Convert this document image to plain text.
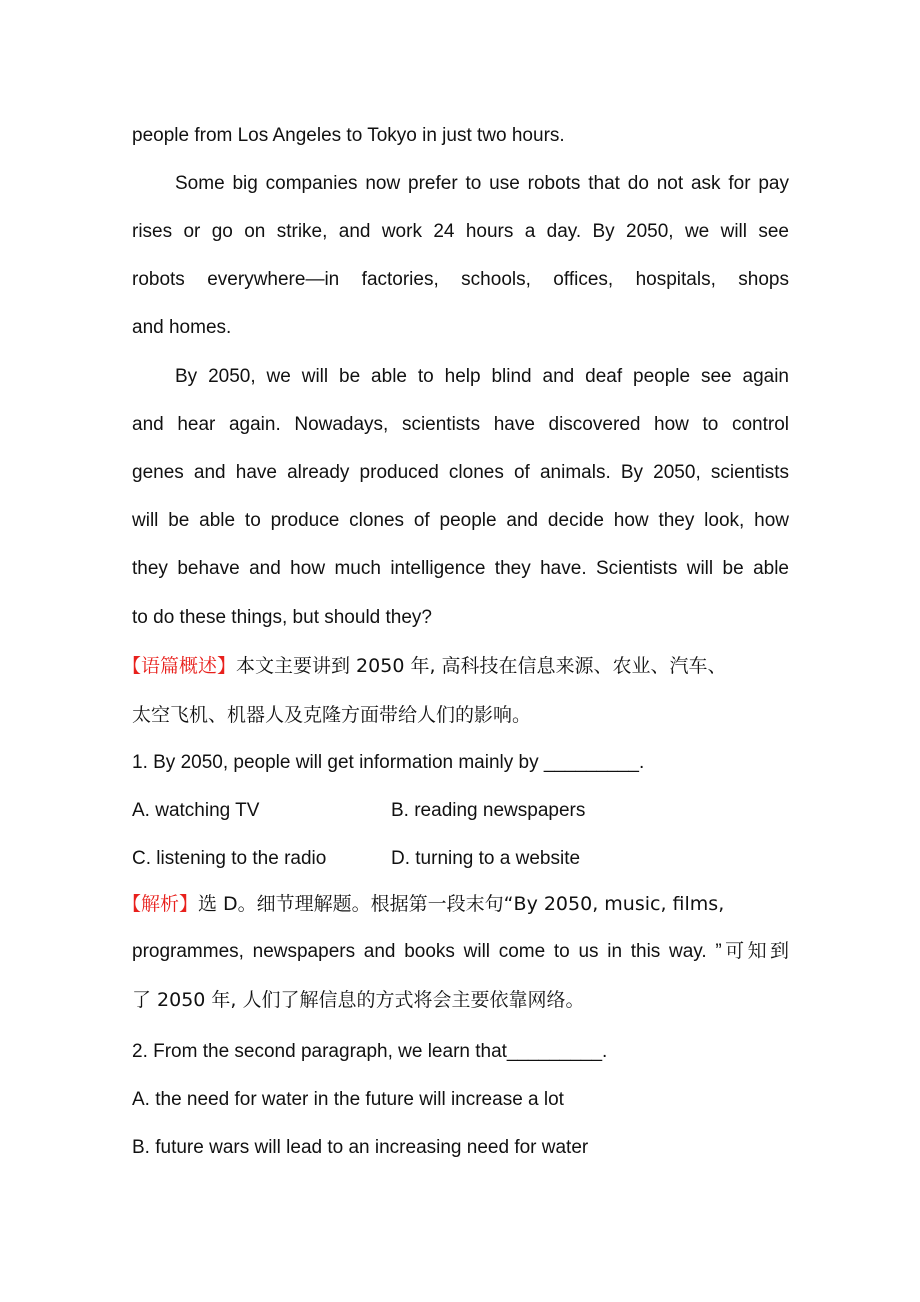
people from Los Angeles to Tokyo in just two hours.
Some big companies now prefer to use robots that do not ask for pay
rises or go on strike, and work 24 hours a day. By 2050, we will see
robots everywhere—in factories, schools, offices, hospitals, shops
and homes.
By 2050, we will be able to help blind and deaf people see again
and hear again. Nowadays, scientists have discovered how to control
genes and have already produced clones of animals. By 2050, scientists
will be able to produce clones of people and decide how they look, how
they behave and how much intelligence they have. Scientists will be able
to do these things, but should they?
【语篇概述】本文主要讲到 2050 年, 高科技在信息来源、农业、汽车、
太空飞机、机器人及克隆方面带给人们的影响。
1. By 2050, people will get information mainly by _________.
A. watching TV	B. reading newspapers
C. listening to the radio	D. turning to a website
【解析】选 D。细节理解题。根据第一段末句“By 2050, music, films,
programmes, newspapers and books will come to us in this way. ”可知到
了 2050 年, 人们了解信息的方式将会主要依靠网络。
2. From the second paragraph, we learn that_________.
A. the need for water in the future will increase a lot
B. future wars will lead to an increasing need for water
